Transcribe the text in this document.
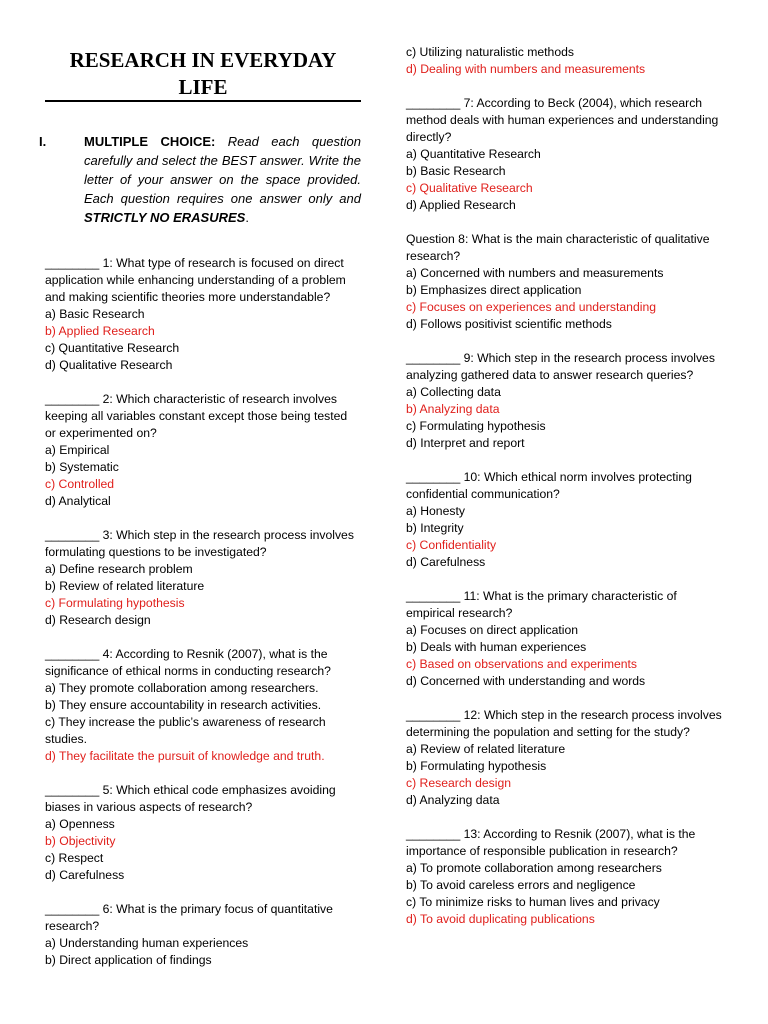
RESEARCH IN EVERYDAY LIFE
I.	MULTIPLE CHOICE: Read each question carefully and select the BEST answer. Write the letter of your answer on the space provided. Each question requires one answer only and STRICTLY NO ERASURES.

________ 1: What type of research is focused on direct application while enhancing understanding of a problem and making scientific theories more understandable?

a) Basic Research

b) Applied Research

c) Quantitative Research

d) Qualitative Research

________ 2: Which characteristic of research involves keeping all variables constant except those being tested or experimented on?

a) Empirical

b) Systematic

c) Controlled

d) Analytical

________ 3: Which step in the research process involves formulating questions to be investigated?

a) Define research problem

b) Review of related literature

c) Formulating hypothesis

d) Research design

________ 4: According to Resnik (2007), what is the significance of ethical norms in conducting research?

a) They promote collaboration among researchers.

b) They ensure accountability in research activities.

c) They increase the public’s awareness of research studies.

d) They facilitate the pursuit of knowledge and truth.

________ 5: Which ethical code emphasizes avoiding biases in various aspects of research?

a) Openness

b) Objectivity

c) Respect

d) Carefulness

________ 6: What is the primary focus of quantitative research?

a) Understanding human experiences

b) Direct application of findings

c) Utilizing naturalistic methods

d) Dealing with numbers and measurements

________ 7: According to Beck (2004), which research method deals with human experiences and understanding directly?

a) Quantitative Research

b) Basic Research

c) Qualitative Research

d) Applied Research

Question 8: What is the main characteristic of qualitative research?

a) Concerned with numbers and measurements

b) Emphasizes direct application

c) Focuses on experiences and understanding

d) Follows positivist scientific methods

________ 9: Which step in the research process involves analyzing gathered data to answer research queries?

a) Collecting data

b) Analyzing data

c) Formulating hypothesis

d) Interpret and report

________ 10: Which ethical norm involves protecting confidential communication?

a) Honesty

b) Integrity

c) Confidentiality

d) Carefulness

________ 11: What is the primary characteristic of empirical research?

a) Focuses on direct application

b) Deals with human experiences

c) Based on observations and experiments

d) Concerned with understanding and words

________ 12: Which step in the research process involves determining the population and setting for the study?

a) Review of related literature

b) Formulating hypothesis

c) Research design

d) Analyzing data

________ 13: According to Resnik (2007), what is the importance of responsible publication in research?

a) To promote collaboration among researchers

b) To avoid careless errors and negligence

c) To minimize risks to human lives and privacy

d) To avoid duplicating publications
